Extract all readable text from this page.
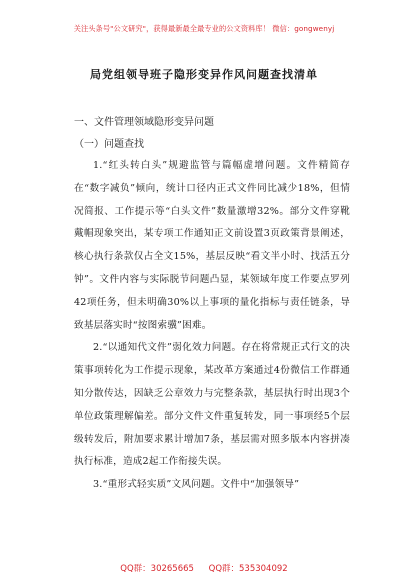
关注头条号"公文研究"，获得最新最全最专业的公文资料库！ 微信：gongwenyj
局党组领导班子隐形变异作风问题查找清单
一、文件管理领域隐形变异问题
（一）问题查找

1.“红头转白头”规避监管与篇幅虚增问题。文件精简存在“数字减负”倾向，统计口径内正式文件同比减少18%，但情况简报、工作提示等“白头文件”数量激增32%。部分文件穿靴戴帽现象突出，某专项工作通知正文前设置3页政策背景阐述，核心执行条款仅占全文15%，基层反映“看文半小时、找活五分钟”。文件内容与实际脱节问题凸显，某领域年度工作要点罗列42项任务，但未明确30%以上事项的量化指标与责任链条，导致基层落实时“按图索骥”困难。

2.“以通知代文件”弱化效力问题。存在将常规正式行文的决策事项转化为工作提示现象，某改革方案通过4份微信工作群通知分散传达，因缺乏公章效力与完整条款，基层执行时出现3个单位政策理解偏差。部分文件文件重复转发，同一事项经5个层级转发后，附加要求累计增加7条，基层需对照多版本内容拼凑执行标准，造成2起工作衔接失误。

3.“重形式轻实质”文风问题。文件中“加强领导”

QQ群：30265665 QQ群：535304092
